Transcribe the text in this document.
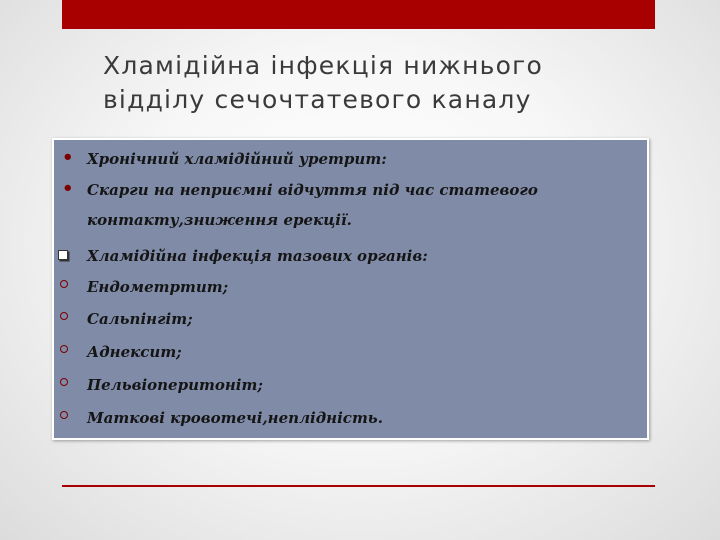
Хламідійна інфекція нижнього
відділу сечочтатевого каналу
• Хронічний хламідійний уретрит:
• Скарги на неприємні відчуття під час статевого
контакту,зниження ерекції.
Хламідійна інфекція тазових органів:
Ендометртит;
Сальпінгіт;
Аднексит;
Пельвіоперитоніт;
Маткові кровотечі,неплідність.
